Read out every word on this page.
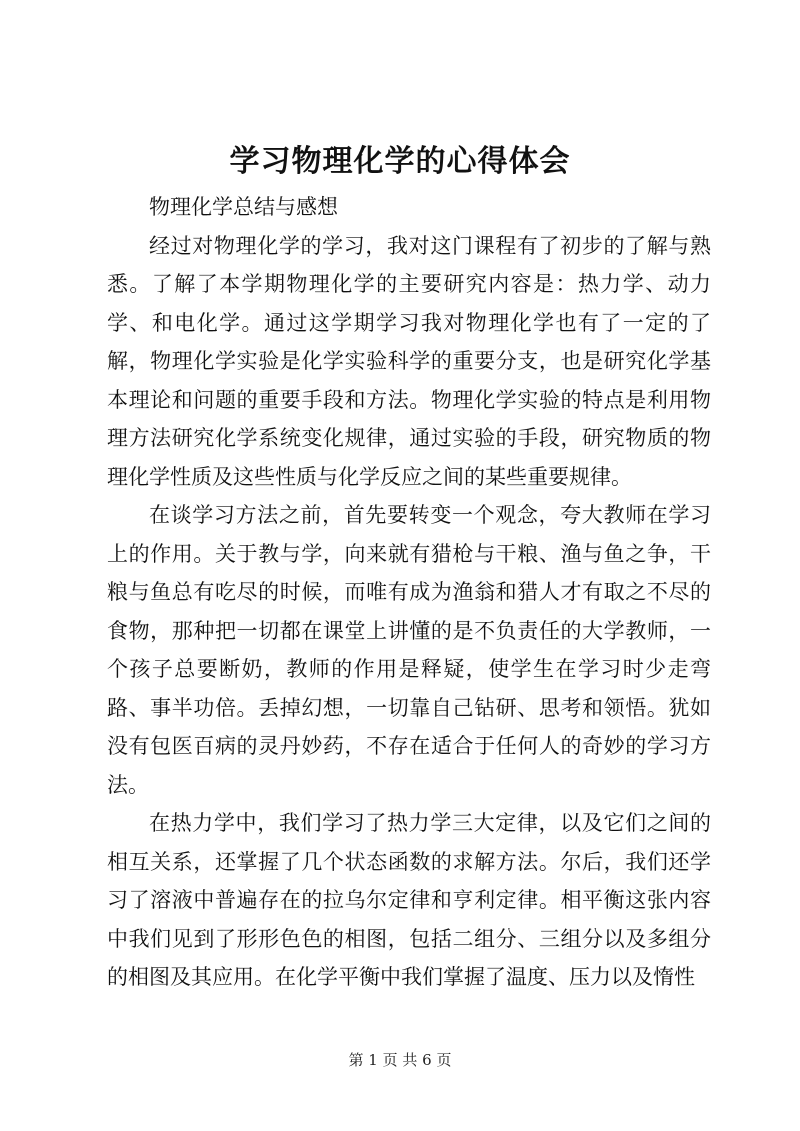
学习物理化学的心得体会

物理化学总结与感想

经过对物理化学的学习，我对这门课程有了初步的了解与熟悉。了解了本学期物理化学的主要研究内容是：热力学、动力学、和电化学。通过这学期学习我对物理化学也有了一定的了解，物理化学实验是化学实验科学的重要分支，也是研究化学基本理论和问题的重要手段和方法。物理化学实验的特点是利用物理方法研究化学系统变化规律，通过实验的手段，研究物质的物理化学性质及这些性质与化学反应之间的某些重要规律。

在谈学习方法之前，首先要转变一个观念，夸大教师在学习上的作用。关于教与学，向来就有猎枪与干粮、渔与鱼之争，干粮与鱼总有吃尽的时候，而唯有成为渔翁和猎人才有取之不尽的食物，那种把一切都在课堂上讲懂的是不负责任的大学教师，一个孩子总要断奶，教师的作用是释疑，使学生在学习时少走弯路、事半功倍。丢掉幻想，一切靠自己钻研、思考和领悟。犹如没有包医百病的灵丹妙药，不存在适合于任何人的奇妙的学习方法。

在热力学中，我们学习了热力学三大定律，以及它们之间的相互关系，还掌握了几个状态函数的求解方法。尔后，我们还学习了溶液中普遍存在的拉乌尔定律和亨利定律。相平衡这张内容中我们见到了形形色色的相图，包括二组分、三组分以及多组分的相图及其应用。在化学平衡中我们掌握了温度、压力以及惰性

第 1 页 共 6 页
